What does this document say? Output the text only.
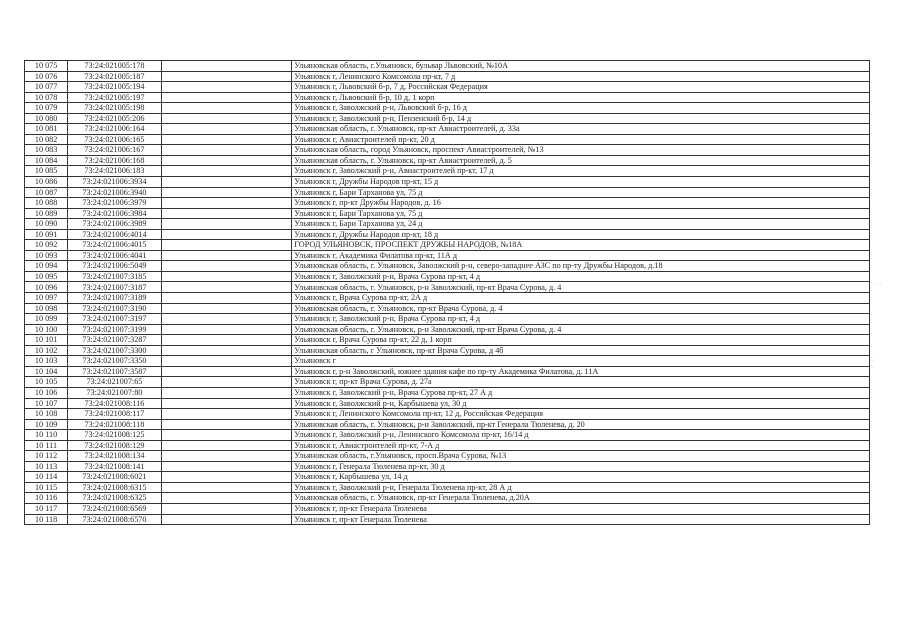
10 075	73:24:021005:178		Ульяновская область, г.Ульяновск, бульвар Львовский, №10А
10 076	73:24:021005:187		Ульяновск г, Ленинского Комсомола пр-кт, 7 д
10 077	73:24:021005:194		Ульяновск г, Львовский б-р, 7 д, Российская Федерация
10 078	73:24:021005:197		Ульяновск г, Львовский б-р, 10 д, 1 корп
10 079	73:24:021005:198		Ульяновск г, Заволжский р-н, Львовский б-р, 16 д
10 080	73:24:021005:206		Ульяновск г, Заволжский р-н, Пензенский б-р, 14 д
10 081	73:24:021006:164		Ульяновская область, г. Ульяновск, пр-кт Авиастроителей, д. 33а
10 082	73:24:021006:165		Ульяновск г, Авиастроителей пр-кт, 20 д
10 083	73:24:021006:167		Ульяновская область, город Ульяновск, проспект Авиастроителей, №13
10 084	73:24:021006:168		Ульяновская область, г. Ульяновск, пр-кт Авиастроителей, д. 5
10 085	73:24:021006:183		Ульяновск г, Заволжский р-н, Авиастроителей пр-кт, 17 д
10 086	73:24:021006:3934		Ульяновск г, Дружбы Народов пр-кт, 15 д
10 087	73:24:021006:3940		Ульяновск г, Бари Тарханова ул, 75 д
10 088	73:24:021006:3979		Ульяновск г, пр-кт Дружбы Народов, д. 16
10 089	73:24:021006:3984		Ульяновск г, Бари Тарханова ул, 75 д
10 090	73:24:021006:3989		Ульяновск г, Бари Тарханова ул, 24 д
10 091	73:24:021006:4014		Ульяновск г, Дружбы Народов пр-кт, 18 д
10 092	73:24:021006:4015		ГОРОД УЛЬЯНОВСК, ПРОСПЕКТ ДРУЖБЫ НАРОДОВ, №18А
10 093	73:24:021006:4041		Ульяновск г, Академика Филатова пр-кт, 11А д
10 094	73:24:021006:5049		Ульяновская область, г. Ульяновск, Заволжский р-н, северо-западнее АЗС по пр-ту Дружбы Народов, д.18
10 095	73:24:021007:3185		Ульяновск г, Заволжский р-н, Врача Сурова пр-кт, 4 д
10 096	73:24:021007:3187		Ульяновская область, г. Ульяновск, р-н Заволжский, пр-кт Врача Сурова, д. 4
10 097	73:24:021007:3189		Ульяновск г, Врача Сурова пр-кт, 2А д
10 098	73:24:021007:3190		Ульяновская область, г. Ульяновск, пр-кт Врача Сурова, д. 4
10 099	73:24:021007:3197		Ульяновск г, Заволжский р-н, Врача Сурова пр-кт, 4 д
10 100	73:24:021007:3199		Ульяновская область, г. Ульяновск, р-н Заволжский, пр-кт Врача Сурова, д. 4
10 101	73:24:021007:3287		Ульяновск г, Врача Сурова пр-кт, 22 д, 1 корп
10 102	73:24:021007:3300		Ульяновская область, г Ульяновск, пр-кт Врача Сурова, д 4б
10 103	73:24:021007:3350		Ульяновск г
10 104	73:24:021007:3587		Ульяновск г, р-н Заволжский, южнее здания кафе по пр-ту Академика Филатова, д. 11А
10 105	73:24:021007:65		Ульяновск г, пр-кт Врача Сурова, д. 27а
10 106	73:24:021007:80		Ульяновск г, Заволжский р-н, Врача Сурова пр-кт, 27 А д
10 107	73:24:021008:116		Ульяновск г, Заволжский р-н, Карбышева ул, 30 д
10 108	73:24:021008:117		Ульяновск г, Ленинского Комсомола пр-кт, 12 д, Российская Федерация
10 109	73:24:021008:118		Ульяновская область, г. Ульяновск, р-н Заволжский, пр-кт Генерала Тюленева, д. 20
10 110	73:24:021008:125		Ульяновск г, Заволжский р-н, Ленинского Комсомола пр-кт, 16/14 д
10 111	73:24:021008:129		Ульяновск г, Авиастроителей пр-кт, 7-А д
10 112	73:24:021008:134		Ульяновская область, г.Ульяновск, просп.Врача Сурова, №13
10 113	73:24:021008:141		Ульяновск г, Генерала Тюленева пр-кт, 30 д
10 114	73:24:021008:6021		Ульяновск г, Карбышева ул, 14 д
10 115	73:24:021008:6315		Ульяновск г, Заволжский р-н, Генерала Тюленева пр-кт, 28 А д
10 116	73:24:021008:6325		Ульяновская область, г. Ульяновск, пр-кт Генерала Тюленева, д.20А
10 117	73:24:021008:6569		Ульяновск г, пр-кт Генерала Тюленева
10 118	73:24:021008:6570		Ульяновск г, пр-кт Генерала Тюленева
· · ·
·
·
·
